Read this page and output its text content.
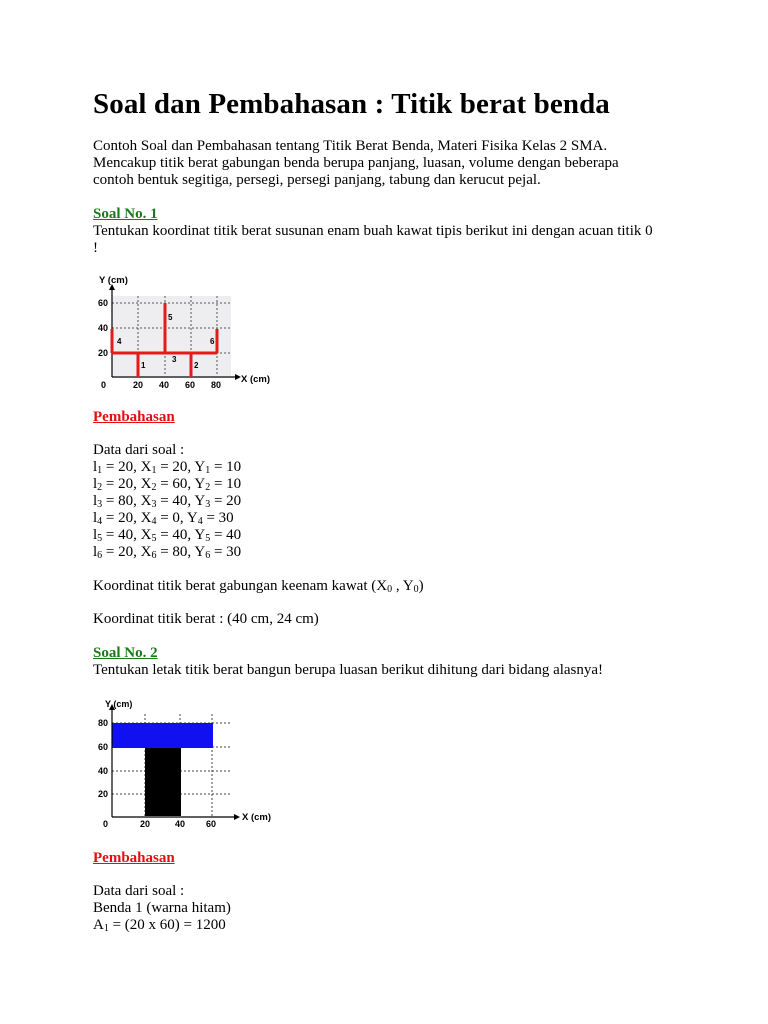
Soal dan Pembahasan : Titik berat benda

Contoh Soal dan Pembahasan tentang Titik Berat Benda, Materi Fisika Kelas 2 SMA.

Mencakup titik berat gabungan benda berupa panjang, luasan, volume dengan beberapa

contoh bentuk segitiga, persegi, persegi panjang, tabung dan kerucut pejal.

Soal No. 1

Tentukan koordinat titik berat susunan enam buah kawat tipis berikut ini dengan acuan titik 0

!

Y (cm)
60
40
20
0	20 40 60 80 X (cm)
1	2
3
4
5
6

Pembahasan

Data dari soal :

$l_1 = 20$, $X_1 = 20$, $Y_1 = 10$

$l_2 = 20$, $X_2 = 60$, $Y_2 = 10$

$l_3 = 80$, $X_3 = 40$, $Y_3 = 20$

$l_4 = 20$, $X_4 = 0$, $Y_4 = 30$

$l_5 = 40$, $X_5 = 40$, $Y_5 = 40$

$l_6 = 20$, $X_6 = 80$, $Y_6 = 30$

Koordinat titik berat gabungan keenam kawat ($X_0$ , $Y_0$)

Koordinat titik berat : (40 cm, 24 cm)

Soal No. 2

Tentukan letak titik berat bangun berupa luasan berikut dihitung dari bidang alasnya!

Y (cm)
80
60
40
20
0	20	40 60
X (cm)

Pembahasan

Data dari soal :

Benda 1 (warna hitam)

$A_1 = (20$ x 60) = 1200
